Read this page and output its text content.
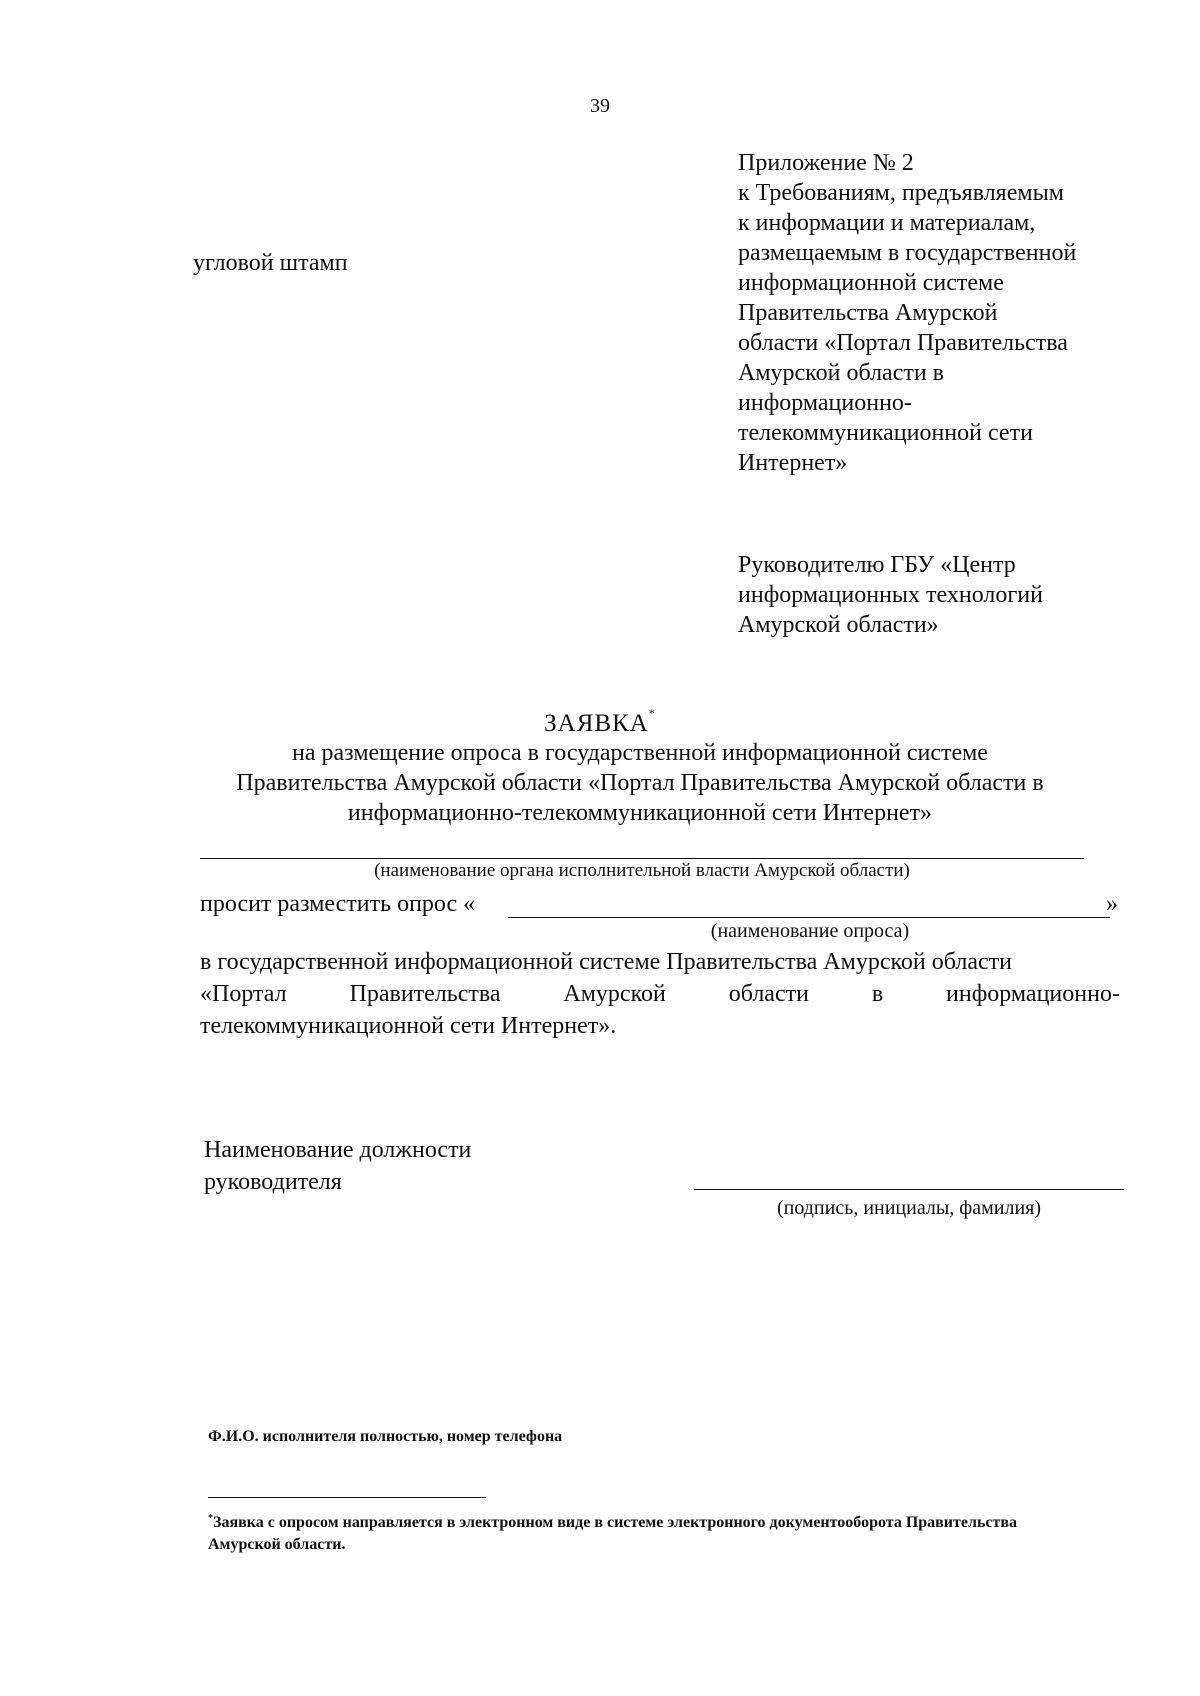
39
угловой штамп
Приложение № 2
к Требованиям, предъявляемым
к информации и материалам,
размещаемым в государственной
информационной системе
Правительства Амурской
области «Портал Правительства
Амурской области в
информационно-
телекоммуникационной сети
Интернет»
Руководителю ГБУ «Центр
информационных технологий
Амурской области»
ЗАЯВКА*
на размещение опроса в государственной информационной системе
Правительства Амурской области «Портал Правительства Амурской области в
информационно-телекоммуникационной сети Интернет»
(наименование органа исполнительной власти Амурской области)
просит разместить опрос «	»
(наименование опроса)
в государственной информационной системе Правительства Амурской области
«Портал	Правительства	Амурской	области	в	информационно-
телекоммуникационной сети Интернет».
Наименование должности
руководителя
(подпись, инициалы, фамилия)
Ф.И.О. исполнителя полностью, номер телефона
*Заявка с опросом направляется в электронном виде в системе электронного документооборота Правительства
Амурской области.
